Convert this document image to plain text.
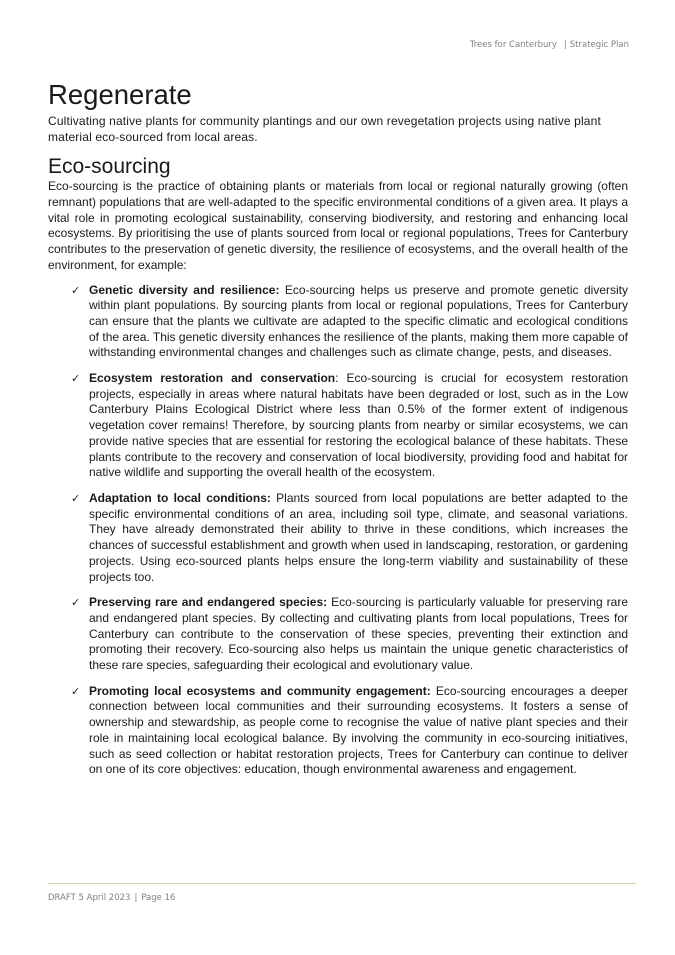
Trees for Canterbury | Strategic Plan
Regenerate

Cultivating native plants for community plantings and our own revegetation projects using native plant material eco-sourced from local areas.

Eco-sourcing

Eco-sourcing is the practice of obtaining plants or materials from local or regional naturally growing (often remnant) populations that are well-adapted to the specific environmental conditions of a given area. It plays a vital role in promoting ecological sustainability, conserving biodiversity, and restoring and enhancing local ecosystems. By prioritising the use of plants sourced from local or regional populations, Trees for Canterbury contributes to the preservation of genetic diversity, the resilience of ecosystems, and the overall health of the environment, for example:

✓ Genetic diversity and resilience: Eco-sourcing helps us preserve and promote genetic diversity within plant populations. By sourcing plants from local or regional populations, Trees for Canterbury can ensure that the plants we cultivate are adapted to the specific climatic and ecological conditions of the area. This genetic diversity enhances the resilience of the plants, making them more capable of withstanding environmental changes and challenges such as climate change, pests, and diseases.
✓ Ecosystem restoration and conservation: Eco-sourcing is crucial for ecosystem restoration projects, especially in areas where natural habitats have been degraded or lost, such as in the Low Canterbury Plains Ecological District where less than 0.5% of the former extent of indigenous vegetation cover remains! Therefore, by sourcing plants from nearby or similar ecosystems, we can provide native species that are essential for restoring the ecological balance of these habitats. These plants contribute to the recovery and conservation of local biodiversity, providing food and habitat for native wildlife and supporting the overall health of the ecosystem.
✓ Adaptation to local conditions: Plants sourced from local populations are better adapted to the specific environmental conditions of an area, including soil type, climate, and seasonal variations. They have already demonstrated their ability to thrive in these conditions, which increases the chances of successful establishment and growth when used in landscaping, restoration, or gardening projects. Using eco-sourced plants helps ensure the long-term viability and sustainability of these projects too.
✓ Preserving rare and endangered species: Eco-sourcing is particularly valuable for preserving rare and endangered plant species. By collecting and cultivating plants from local populations, Trees for Canterbury can contribute to the conservation of these species, preventing their extinction and promoting their recovery. Eco-sourcing also helps us maintain the unique genetic characteristics of these rare species, safeguarding their ecological and evolutionary value.
✓ Promoting local ecosystems and community engagement: Eco-sourcing encourages a deeper connection between local communities and their surrounding ecosystems. It fosters a sense of ownership and stewardship, as people come to recognise the value of native plant species and their role in maintaining local ecological balance. By involving the community in eco-sourcing initiatives, such as seed collection or habitat restoration projects, Trees for Canterbury can continue to deliver on one of its core objectives: education, though environmental awareness and engagement.
DRAFT 5 April 2023 | Page 16
